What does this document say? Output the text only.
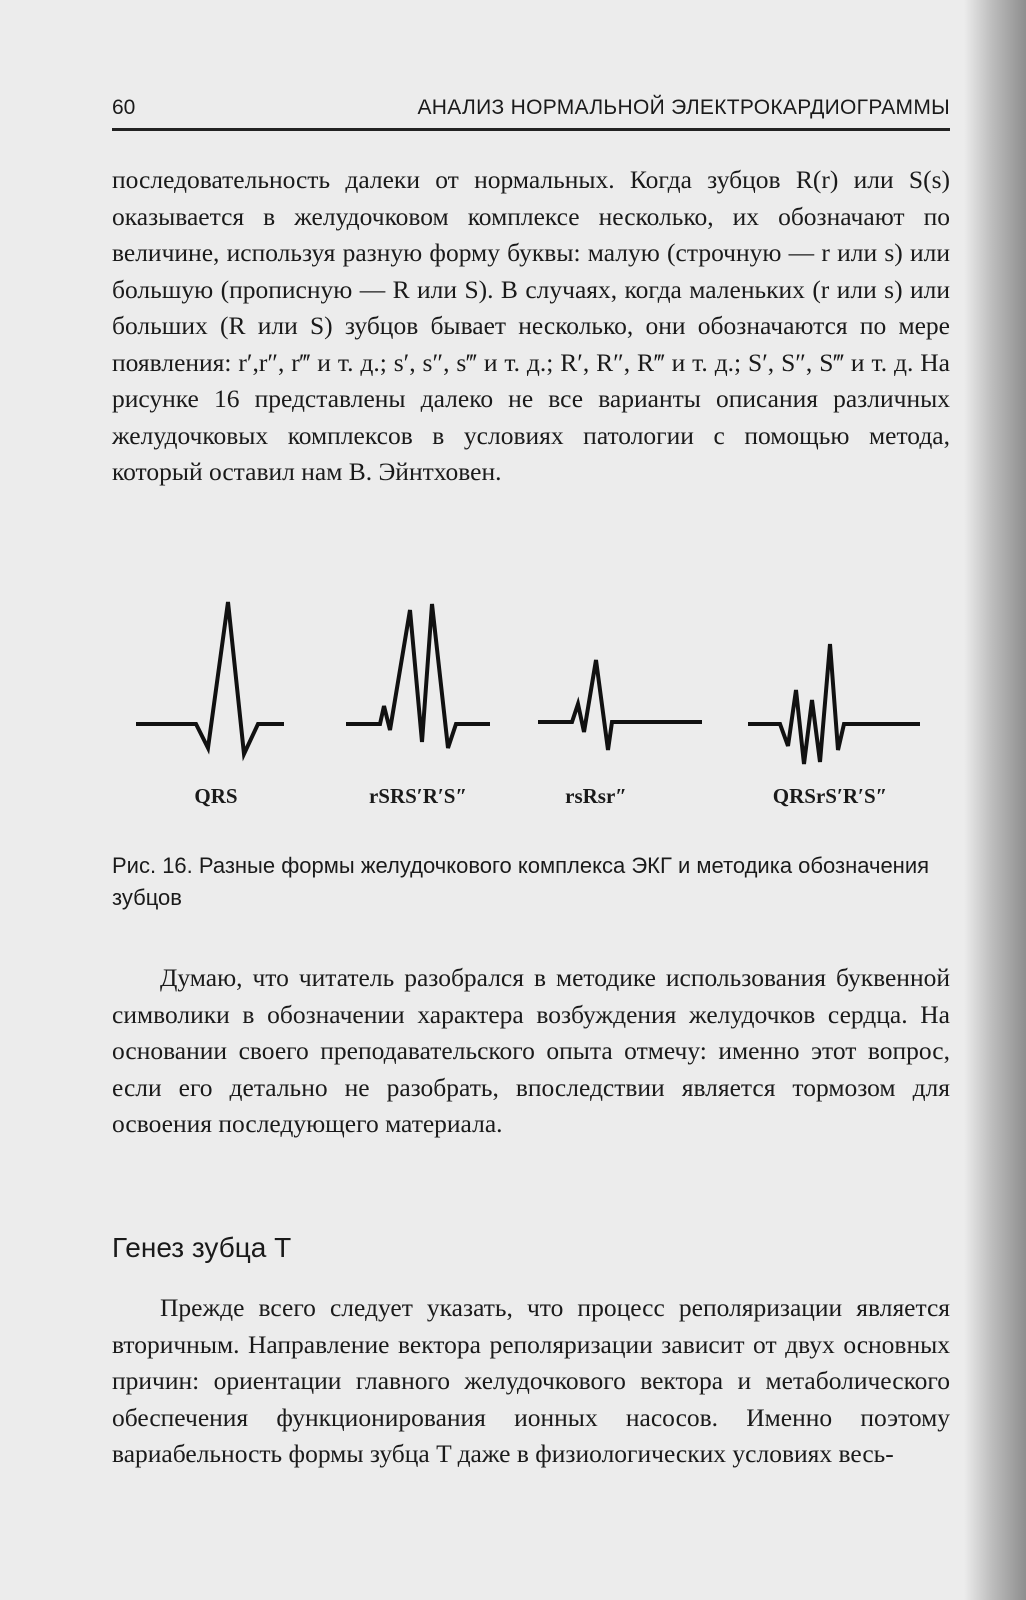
60	АНАЛИЗ НОРМАЛЬНОЙ ЭЛЕКТРОКАРДИОГРАММЫ

последовательность далеки от нормальных. Когда зубцов R(r) или S(s) оказывается в желудочковом комплексе несколько, их обозначают по величине, используя разную форму буквы: малую (строчную — r или s) или большую (прописную — R или S). В случаях, когда маленьких (r или s) или больших (R или S) зубцов бывает несколько, они обозначаются по мере появления: r′,r″, r‴ и т. д.; s′, s″, s‴ и т. д.; R′, R″, R‴ и т. д.; S′, S″, S‴ и т. д. На рисунке 16 представлены далеко не все варианты описания различных желудочковых комплексов в условиях патологии с помощью метода, который оставил нам В. Эйнтховен.

QRS	rSRS′R′S″	rsRsr″	QRSrS′R′S″

Рис. 16. Разные формы желудочкового комплекса ЭКГ и методика обозначения зубцов

Думаю, что читатель разобрался в методике использования буквенной символики в обозначении характера возбуждения желудочков сердца. На основании своего преподавательского опыта отмечу: именно этот вопрос, если его детально не разобрать, впоследствии является тормозом для освоения последующего материала.

Генез зубца T

Прежде всего следует указать, что процесс реполяризации является вторичным. Направление вектора реполяризации зависит от двух основных причин: ориентации главного желудочкового вектора и метаболического обеспечения функционирования ионных насосов. Именно поэтому вариабельность формы зубца T даже в физиологических условиях весь-
